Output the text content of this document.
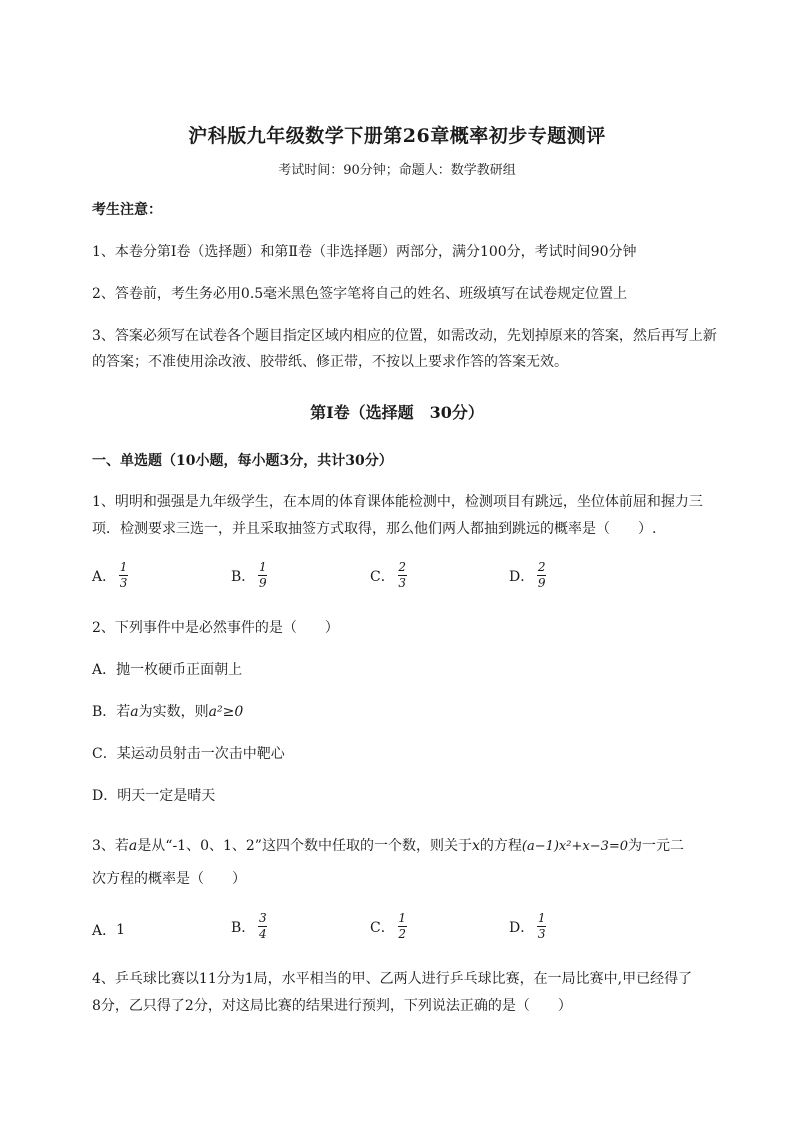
沪科版九年级数学下册第26章概率初步专题测评
考试时间：90分钟；命题人：数学教研组
考生注意：
1、本卷分第Ⅰ卷（选择题）和第Ⅱ卷（非选择题）两部分，满分100分，考试时间90分钟
2、答卷前，考生务必用0.5毫米黑色签字笔将自己的姓名、班级填写在试卷规定位置上
3、答案必须写在试卷各个题目指定区域内相应的位置，如需改动，先划掉原来的答案，然后再写上新
的答案；不准使用涂改液、胶带纸、修正带，不按以上要求作答的答案无效。
第Ⅰ卷（选择题　30分）
一、单选题（10小题，每小题3分，共计30分）
1、明明和强强是九年级学生，在本周的体育课体能检测中，检测项目有跳远，坐位体前屈和握力三
项．检测要求三选一，并且采取抽签方式取得，那么他们两人都抽到跳远的概率是（　　）.
A． $\frac{1}{3}$	B． $\frac{1}{9}$	C． $\frac{2}{3}$	D． $\frac{2}{9}$
2、下列事件中是必然事件的是（　　）
A．抛一枚硬币正面朝上
B．若a为实数，则a²≥0
C．某运动员射击一次击中靶心
D．明天一定是晴天
3、若a是从“-1、0、1、2”这四个数中任取的一个数，则关于x的方程(a−1)x²+x−3=0为一元二
次方程的概率是（　　）
A． 1	B． $\frac{3}{4}$	C． $\frac{1}{2}$	D． $\frac{1}{3}$
4、乒乓球比赛以11分为1局，水平相当的甲、乙两人进行乒乓球比赛，在一局比赛中,甲已经得了
8分，乙只得了2分，对这局比赛的结果进行预判，下列说法正确的是（　　）
